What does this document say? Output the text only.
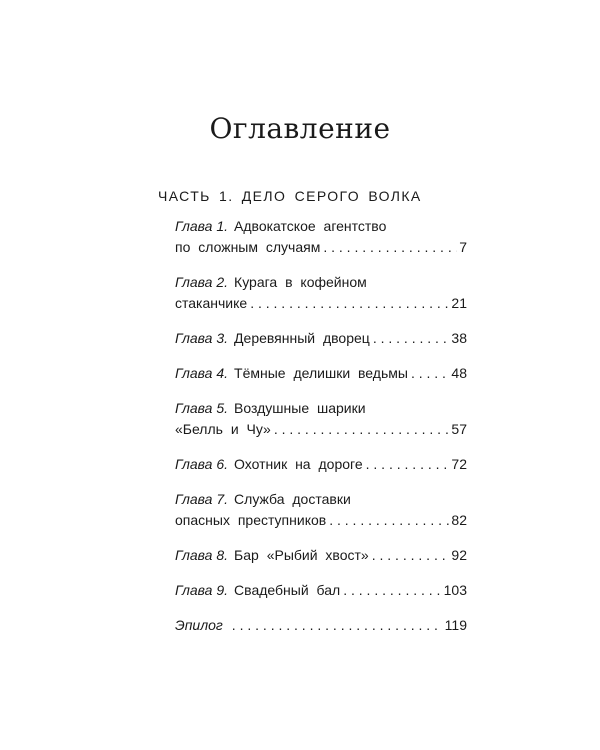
Оглавление
ЧАСТЬ 1. ДЕЛО СЕРОГО ВОЛКА
Глава 1. Адвокатское агентство
по сложным случаям . . .	7
Глава 2. Курага в кофейном
стаканчике . . .	21
Глава 3. Деревянный дворец . . .	38
Глава 4. Тёмные делишки ведьмы . . .	48
Глава 5. Воздушные шарики
«Белль и Чу» . . .	57
Глава 6. Охотник на дороге . . .	72
Глава 7. Служба доставки
опасных преступников . . .	82
Глава 8. Бар «Рыбий хвост» . . .	92
Глава 9. Свадебный бал . . .	103
Эпилог . . .	119
